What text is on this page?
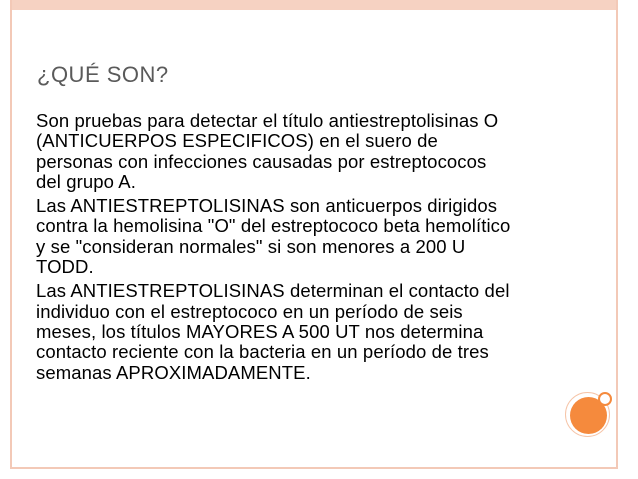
¿QUÉ SON?
Son pruebas para detectar el título antiestreptolisinas O
(ANTICUERPOS ESPECIFICOS) en el suero de
personas con infecciones causadas por estreptococos
del grupo A.
Las ANTIESTREPTOLISINAS son anticuerpos dirigidos
contra la hemolisina "O" del estreptococo beta hemolítico
y se "consideran normales" si son menores a 200 U
TODD.
Las ANTIESTREPTOLISINAS determinan el contacto del
individuo con el estreptococo en un período de seis
meses, los títulos MAYORES A 500 UT nos determina
contacto reciente con la bacteria en un período de tres
semanas APROXIMADAMENTE.
